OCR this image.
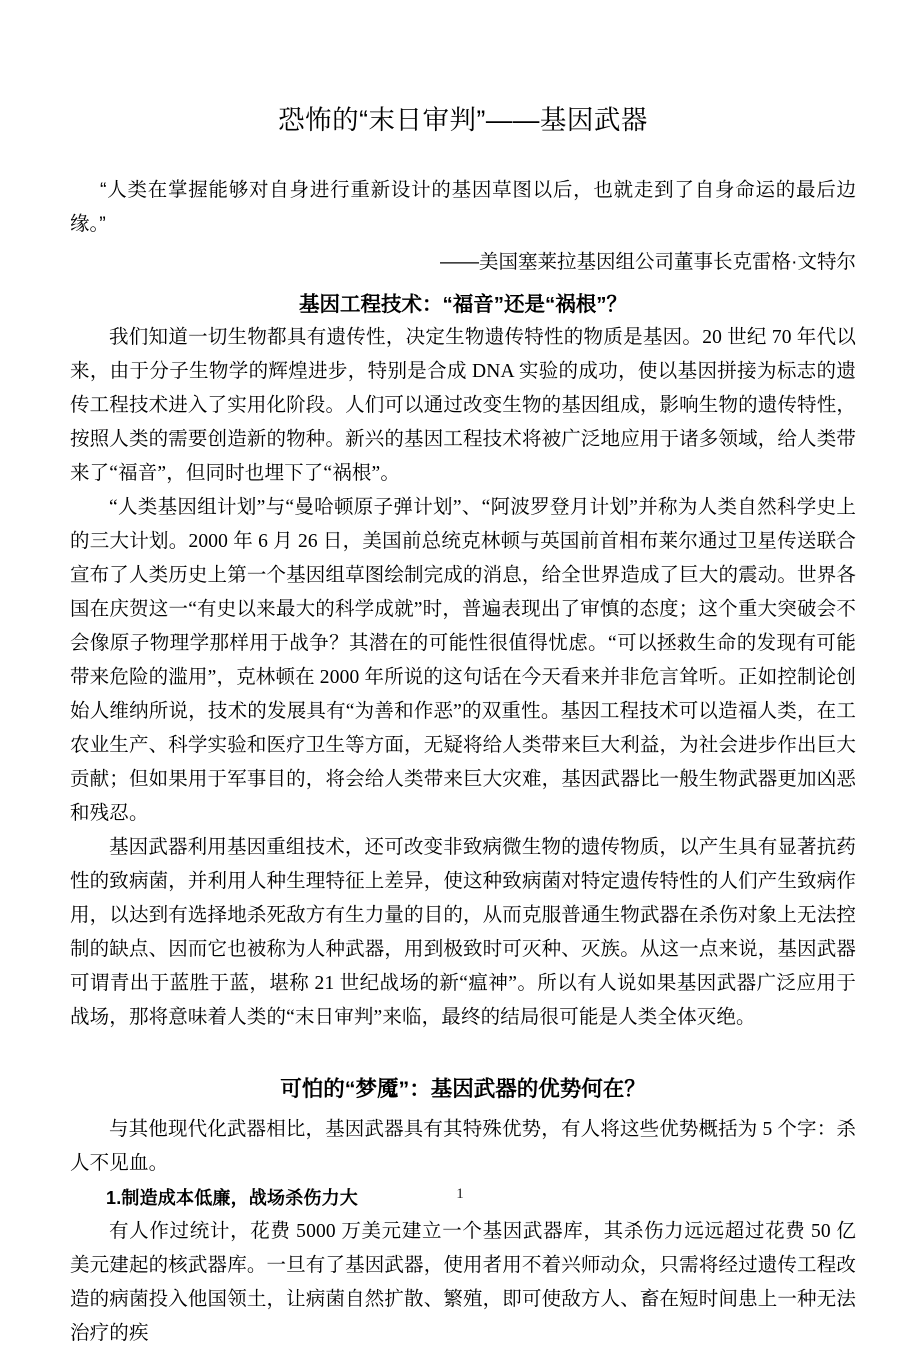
恐怖的“末日审判”——基因武器

“人类在掌握能够对自身进行重新设计的基因草图以后，也就走到了自身命运的最后边缘。”

——美国塞莱拉基因组公司董事长克雷格·文特尔

基因工程技术：“福音”还是“祸根”？

我们知道一切生物都具有遗传性，决定生物遗传特性的物质是基因。20 世纪 70 年代以来，由于分子生物学的辉煌进步，特别是合成 DNA 实验的成功，使以基因拼接为标志的遗传工程技术进入了实用化阶段。人们可以通过改变生物的基因组成，影响生物的遗传特性，按照人类的需要创造新的物种。新兴的基因工程技术将被广泛地应用于诸多领域，给人类带来了“福音”，但同时也埋下了“祸根”。

“人类基因组计划”与“曼哈顿原子弹计划”、“阿波罗登月计划”并称为人类自然科学史上的三大计划。2000 年 6 月 26 日，美国前总统克林顿与英国前首相布莱尔通过卫星传送联合宣布了人类历史上第一个基因组草图绘制完成的消息，给全世界造成了巨大的震动。世界各国在庆贺这一“有史以来最大的科学成就”时，普遍表现出了审慎的态度；这个重大突破会不会像原子物理学那样用于战争？其潜在的可能性很值得忧虑。“可以拯救生命的发现有可能带来危险的滥用”，克林顿在 2000 年所说的这句话在今天看来并非危言耸听。正如控制论创始人维纳所说，技术的发展具有“为善和作恶”的双重性。基因工程技术可以造福人类，在工农业生产、科学实验和医疗卫生等方面，无疑将给人类带来巨大利益，为社会进步作出巨大贡献；但如果用于军事目的，将会给人类带来巨大灾难，基因武器比一般生物武器更加凶恶和残忍。

基因武器利用基因重组技术，还可改变非致病微生物的遗传物质，以产生具有显著抗药性的致病菌，并利用人种生理特征上差异，使这种致病菌对特定遗传特性的人们产生致病作用，以达到有选择地杀死敌方有生力量的目的，从而克服普通生物武器在杀伤对象上无法控制的缺点、因而它也被称为人种武器，用到极致时可灭种、灭族。从这一点来说，基因武器可谓青出于蓝胜于蓝，堪称 21 世纪战场的新“瘟神”。所以有人说如果基因武器广泛应用于战场，那将意味着人类的“末日审判”来临，最终的结局很可能是人类全体灭绝。

可怕的“梦魇”：基因武器的优势何在？

与其他现代化武器相比，基因武器具有其特殊优势，有人将这些优势概括为 5 个字：杀人不见血。

1.制造成本低廉，战场杀伤力大

有人作过统计，花费 5000 万美元建立一个基因武器库，其杀伤力远远超过花费 50 亿美元建起的核武器库。一旦有了基因武器，使用者用不着兴师动众，只需将经过遗传工程改造的病菌投入他国领土，让病菌自然扩散、繁殖，即可使敌方人、畜在短时间患上一种无法治疗的疾

1
